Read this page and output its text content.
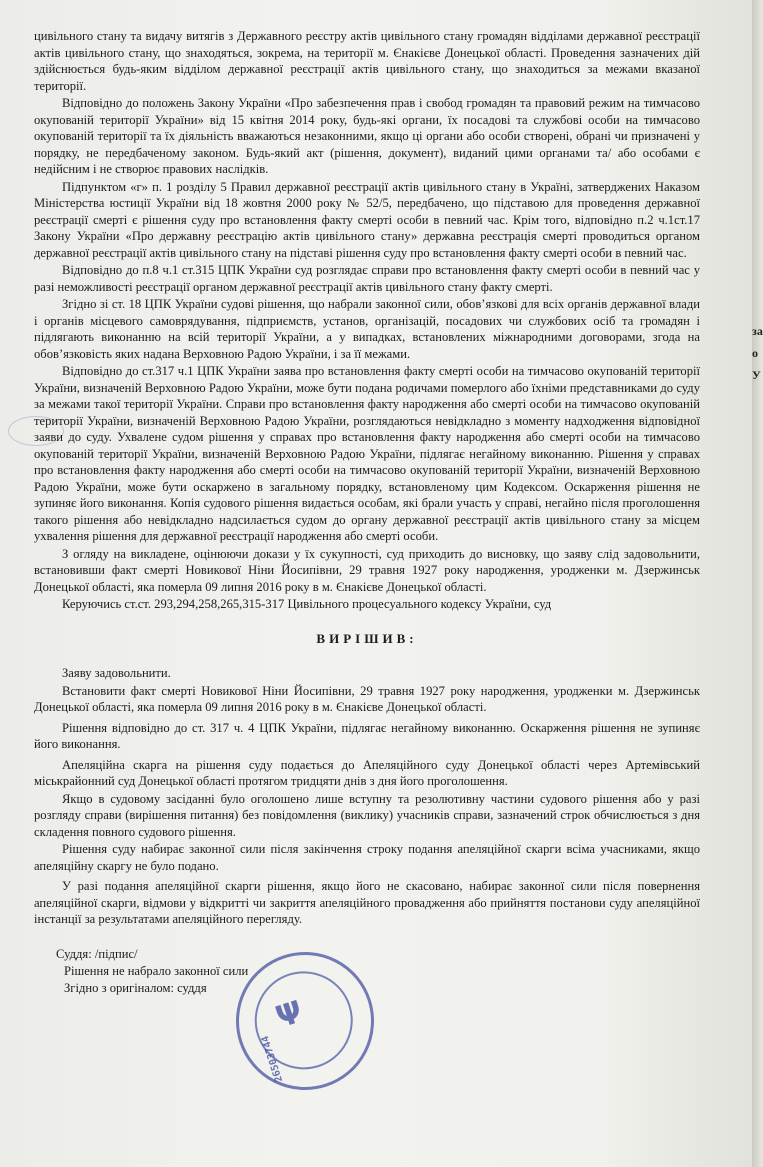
цивільного стану та видачу витягів з Державного реєстру актів цивільного стану громадян відділами державної реєстрації актів цивільного стану, що знаходяться, зокрема, на території м. Єнакієве Донецької області. Проведення зазначених дій здійснюється будь-яким відділом державної реєстрації актів цивільного стану, що знаходиться за межами вказаної території.

Відповідно до положень Закону України «Про забезпечення прав і свобод громадян та правовий режим на тимчасово окупованій території України» від 15 квітня 2014 року, будь-які органи, їх посадові та службові особи на тимчасово окупованій території та їх діяльність вважаються незаконними, якщо ці органи або особи створені, обрані чи призначені у порядку, не передбаченому законом. Будь-який акт (рішення, документ), виданий цими органами та/ або особами є недійсним і не створює правових наслідків.

Підпунктом «г» п. 1 розділу 5 Правил державної реєстрації актів цивільного стану в Україні, затверджених Наказом Міністерства юстиції України від 18 жовтня 2000 року № 52/5, передбачено, що підставою для проведення державної реєстрації смерті є рішення суду про встановлення факту смерті особи в певний час. Крім того, відповідно п.2 ч.1ст.17 Закону України «Про державну реєстрацію актів цивільного стану» державна реєстрація смерті проводиться органом державної реєстрації актів цивільного стану на підставі рішення суду про встановлення факту смерті особи в певний час.

Відповідно до п.8 ч.1 ст.315 ЦПК України суд розглядає справи про встановлення факту смерті особи в певний час у разі неможливості реєстрації органом державної реєстрації актів цивільного стану факту смерті.

Згідно зі ст. 18 ЦПК України судові рішення, що набрали законної сили, обов’язкові для всіх органів державної влади і органів місцевого самоврядування, підприємств, установ, організацій, посадових чи службових осіб та громадян і підлягають виконанню на всій території України, а у випадках, встановлених міжнародними договорами, згода на обов’язковість яких надана Верховною Радою України, і за її межами.

Відповідно до ст.317 ч.1 ЦПК України заява про встановлення факту смерті особи на тимчасово окупованій території України, визначеній Верховною Радою України, може бути подана родичами померлого або їхніми представниками до суду за межами такої території України. Справи про встановлення факту народження або смерті особи на тимчасово окупованій території України, визначеній Верховною Радою України, розглядаються невідкладно з моменту надходження відповідної заяви до суду. Ухвалене судом рішення у справах про встановлення факту народження або смерті особи на тимчасово окупованій території України, визначеній Верховною Радою України, підлягає негайному виконанню. Рішення у справах про встановлення факту народження або смерті особи на тимчасово окупованій території України, визначеній Верховною Радою України, може бути оскаржено в загальному порядку, встановленому цим Кодексом. Оскарження рішення не зупиняє його виконання. Копія судового рішення видається особам, які брали участь у справі, негайно після проголошення такого рішення або невідкладно надсилається судом до органу державної реєстрації актів цивільного стану за місцем ухвалення рішення для державної реєстрації народження або смерті особи.

З огляду на викладене, оцінюючи докази у їх сукупності, суд приходить до висновку, що заяву слід задовольнити, встановивши факт смерті Новикової Ніни Йосипівни, 29 травня 1927 року народження, уродженки м. Дзержинськ Донецької області, яка померла 09 липня 2016 року в м. Єнакієве Донецької області.

Керуючись ст.ст. 293,294,258,265,315-317 Цивільного процесуального кодексу України, суд

ВИРІШИВ:

Заяву задовольнити.

Встановити факт смерті Новикової Ніни Йосипівни, 29 травня 1927 року народження, уродженки м. Дзержинськ Донецької області, яка померла 09 липня 2016 року в м. Єнакієве Донецької області.

Рішення відповідно до ст. 317 ч. 4 ЦПК України, підлягає негайному виконанню. Оскарження рішення не зупиняє його виконання.

Апеляційна скарга на рішення суду подається до Апеляційного суду Донецької області через Артемівський міськрайонний суд Донецької області протягом тридцяти днів з дня його проголошення.

Якщо в судовому засіданні було оголошено лише вступну та резолютивну частини судового рішення або у разі розгляду справи (вирішення питання) без повідомлення (виклику) учасників справи, зазначений строк обчислюється з дня складення повного судового рішення.

Рішення суду набирає законної сили після закінчення строку подання апеляційної скарги всіма учасниками, якщо апеляційну скаргу не було подано.

У разі подання апеляційної скарги рішення, якщо його не скасовано, набирає законної сили після повернення апеляційної скарги, відмови у відкритті чи закриття апеляційного провадження або прийняття постанови суду апеляційної інстанції за результатами апеляційного перегляду.

Суддя: /підпис/

Рішення не набрало законної сили

Згідно з оригіналом: суддя

Ψ
26503744
за
о
У
